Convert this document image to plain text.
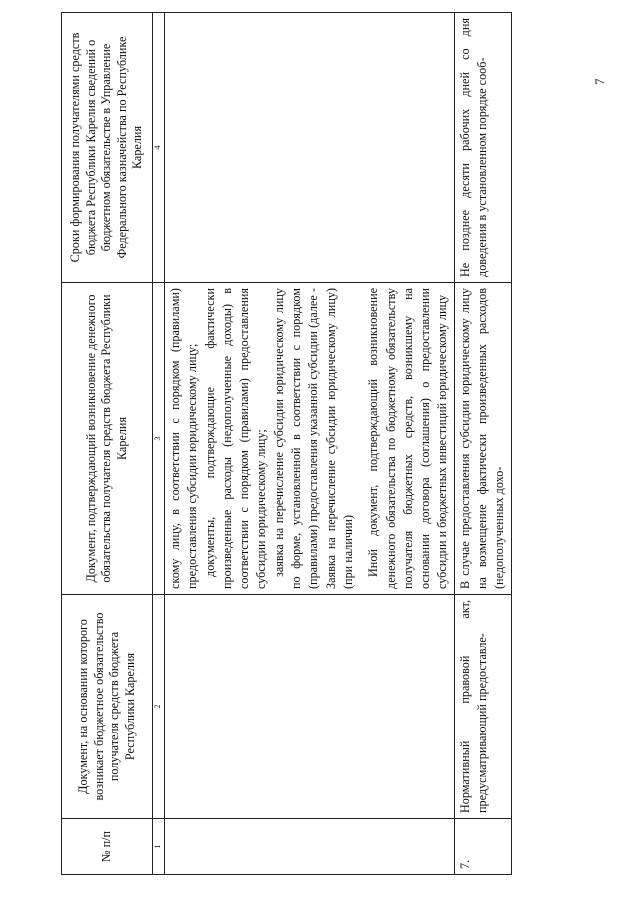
7
№ п/п	Документ, на основании которого возникает бюджетное обязательство получателя средств бюджета Республики Карелия	Документ, подтверждающий возникновение денежного обязательства получателя средств бюджета Республики Карелия	Сроки формирования получателями средств бюджета Республики Карелия сведений о бюджетном обязательстве в Управление Федерального казначейства по Республике Карелия
1	2	3	4

		скому лицу, в соответствии с порядком (правилами) предоставления субсидии юридическому лицу; документы, подтверждающие фактически произведенные расходы (недополученные доходы) в соответствии с порядком (правилами) предоставления субсидии юридическому лицу; заявка на перечисление субсидии юридическому лицу по форме, установленной в соответствии с порядком (правилами) предоставления указанной субсидии (далее - Заявка на перечисление субсидии юридическому лицу) (при наличии) Иной документ, подтверждающий возникновение денежного обязательства по бюджетному обязательству получателя бюджетных средств, возникшему на основании договора (соглашения) о предоставлении субсидии и бюджетных инвестиций юридическому лицу	

7.	Нормативный правовой акт, предусматривающий предоставле-	В случае предоставления субсидии юридическому лицу на возмещение фактически произведенных расходов (недополученных дохо-	Не позднее десяти рабочих дней со дня доведения в установленном порядке сооб-
